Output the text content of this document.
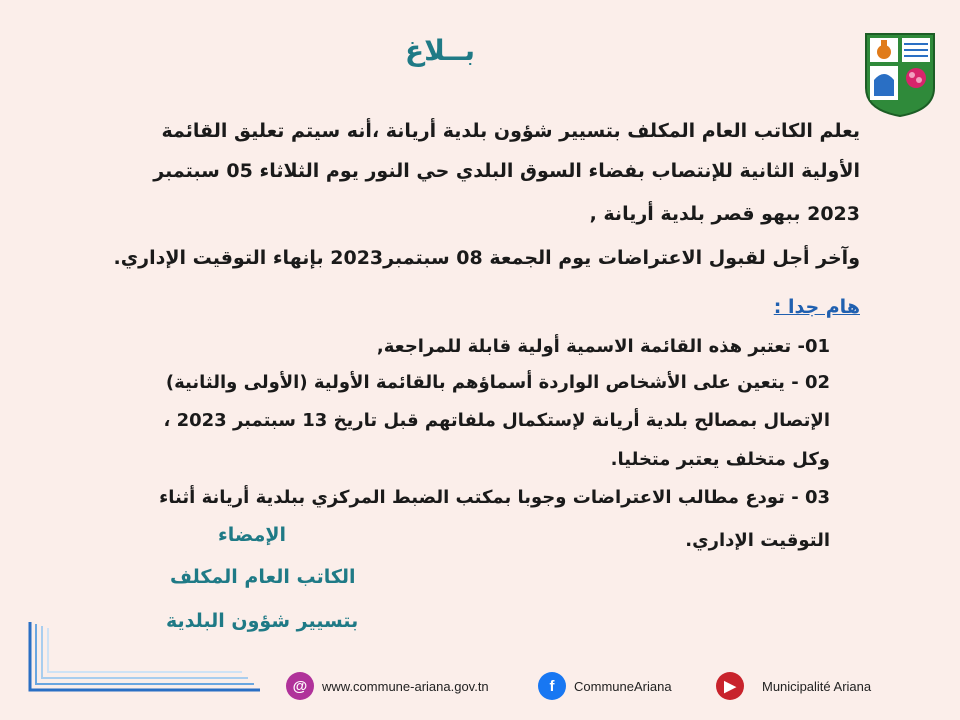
بــلاغ
يعلم الكاتب العام المكلف بتسيير شؤون بلدية أريانة ،أنه سيتم تعليق القائمة
الأولية الثانية للإنتصاب بفضاء السوق البلدي حي النور يوم الثلاثاء 05 سبتمبر
2023 ببهو قصر بلدية أريانة ,
وآخر أجل لقبول الاعتراضات يوم الجمعة 08 سبتمبر2023 بإنهاء التوقيت الإداري.
هام جدا :
01- تعتبر هذه القائمة الاسمية أولية قابلة للمراجعة,
02 - يتعين على الأشخاص الواردة أسماؤهم بالقائمة الأولية (الأولى والثانية)
الإتصال بمصالح بلدية أريانة لإستكمال ملفاتهم قبل تاريخ 13 سبتمبر 2023 ،
وكل متخلف يعتبر متخليا.
03 - تودع مطالب الاعتراضات وجوبا بمكتب الضبط المركزي ببلدية أريانة أثناء
التوقيت الإداري.
الإمضاء
الكاتب العام المكلف
بتسيير شؤون البلدية
@	www.commune-ariana.gov.tn	f	CommuneAriana	▶	Municipalité Ariana
